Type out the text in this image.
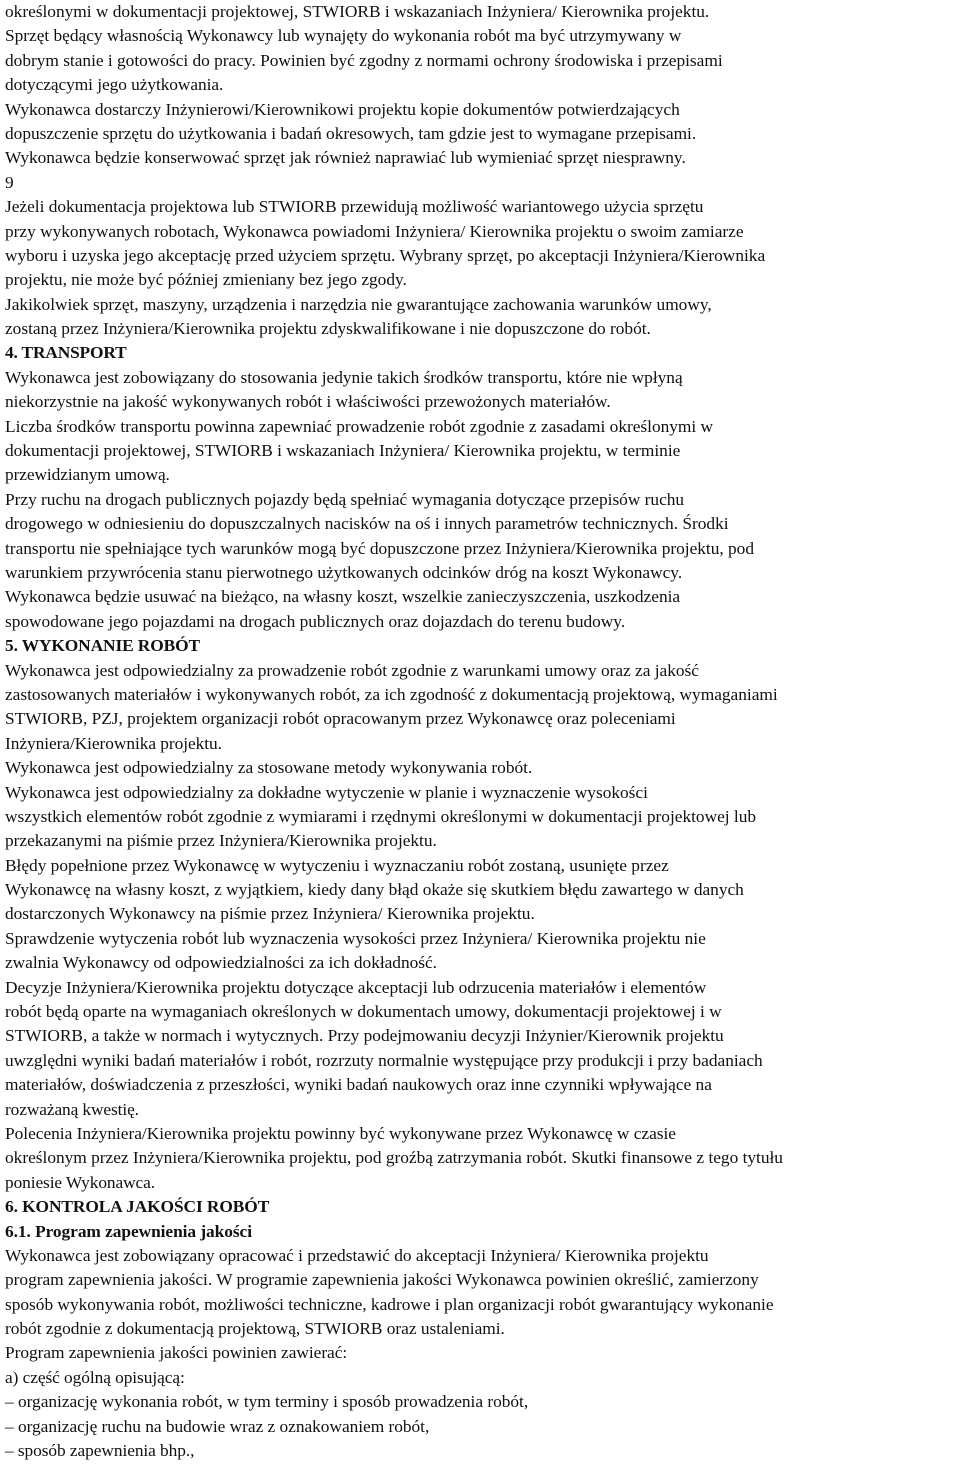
określonymi w dokumentacji projektowej, STWIORB i wskazaniach Inżyniera/ Kierownika projektu.
Sprzęt będący własnością Wykonawcy lub wynajęty do wykonania robót ma być utrzymywany w
dobrym stanie i gotowości do pracy. Powinien być zgodny z normami ochrony środowiska i przepisami
dotyczącymi jego użytkowania.
Wykonawca dostarczy Inżynierowi/Kierownikowi projektu kopie dokumentów potwierdzających
dopuszczenie sprzętu do użytkowania i badań okresowych, tam gdzie jest to wymagane przepisami.
Wykonawca będzie konserwować sprzęt jak również naprawiać lub wymieniać sprzęt niesprawny.
9
Jeżeli dokumentacja projektowa lub STWIORB przewidują możliwość wariantowego użycia sprzętu
przy wykonywanych robotach, Wykonawca powiadomi Inżyniera/ Kierownika projektu o swoim zamiarze
wyboru i uzyska jego akceptację przed użyciem sprzętu. Wybrany sprzęt, po akceptacji Inżyniera/Kierownika
projektu, nie może być później zmieniany bez jego zgody.
Jakikolwiek sprzęt, maszyny, urządzenia i narzędzia nie gwarantujące zachowania warunków umowy,
zostaną przez Inżyniera/Kierownika projektu zdyskwalifikowane i nie dopuszczone do robót.
4. TRANSPORT
Wykonawca jest zobowiązany do stosowania jedynie takich środków transportu, które nie wpłyną
niekorzystnie na jakość wykonywanych robót i właściwości przewożonych materiałów.
Liczba środków transportu powinna zapewniać prowadzenie robót zgodnie z zasadami określonymi w
dokumentacji projektowej, STWIORB i wskazaniach Inżyniera/ Kierownika projektu, w terminie
przewidzianym umową.
Przy ruchu na drogach publicznych pojazdy będą spełniać wymagania dotyczące przepisów ruchu
drogowego w odniesieniu do dopuszczalnych nacisków na oś i innych parametrów technicznych. Środki
transportu nie spełniające tych warunków mogą być dopuszczone przez Inżyniera/Kierownika projektu, pod
warunkiem przywrócenia stanu pierwotnego użytkowanych odcinków dróg na koszt Wykonawcy.
Wykonawca będzie usuwać na bieżąco, na własny koszt, wszelkie zanieczyszczenia, uszkodzenia
spowodowane jego pojazdami na drogach publicznych oraz dojazdach do terenu budowy.
5. WYKONANIE ROBÓT
Wykonawca jest odpowiedzialny za prowadzenie robót zgodnie z warunkami umowy oraz za jakość
zastosowanych materiałów i wykonywanych robót, za ich zgodność z dokumentacją projektową, wymaganiami
STWIORB, PZJ, projektem organizacji robót opracowanym przez Wykonawcę oraz poleceniami
Inżyniera/Kierownika projektu.
Wykonawca jest odpowiedzialny za stosowane metody wykonywania robót.
Wykonawca jest odpowiedzialny za dokładne wytyczenie w planie i wyznaczenie wysokości
wszystkich elementów robót zgodnie z wymiarami i rzędnymi określonymi w dokumentacji projektowej lub
przekazanymi na piśmie przez Inżyniera/Kierownika projektu.
Błędy popełnione przez Wykonawcę w wytyczeniu i wyznaczaniu robót zostaną, usunięte przez
Wykonawcę na własny koszt, z wyjątkiem, kiedy dany błąd okaże się skutkiem błędu zawartego w danych
dostarczonych Wykonawcy na piśmie przez Inżyniera/ Kierownika projektu.
Sprawdzenie wytyczenia robót lub wyznaczenia wysokości przez Inżyniera/ Kierownika projektu nie
zwalnia Wykonawcy od odpowiedzialności za ich dokładność.
Decyzje Inżyniera/Kierownika projektu dotyczące akceptacji lub odrzucenia materiałów i elementów
robót będą oparte na wymaganiach określonych w dokumentach umowy, dokumentacji projektowej i w
STWIORB, a także w normach i wytycznych. Przy podejmowaniu decyzji Inżynier/Kierownik projektu
uwzględni wyniki badań materiałów i robót, rozrzuty normalnie występujące przy produkcji i przy badaniach
materiałów, doświadczenia z przeszłości, wyniki badań naukowych oraz inne czynniki wpływające na
rozważaną kwestię.
Polecenia Inżyniera/Kierownika projektu powinny być wykonywane przez Wykonawcę w czasie
określonym przez Inżyniera/Kierownika projektu, pod groźbą zatrzymania robót. Skutki finansowe z tego tytułu
poniesie Wykonawca.
6. KONTROLA JAKOŚCI ROBÓT
6.1. Program zapewnienia jakości
Wykonawca jest zobowiązany opracować i przedstawić do akceptacji Inżyniera/ Kierownika projektu
program zapewnienia jakości. W programie zapewnienia jakości Wykonawca powinien określić, zamierzony
sposób wykonywania robót, możliwości techniczne, kadrowe i plan organizacji robót gwarantujący wykonanie
robót zgodnie z dokumentacją projektową, STWIORB oraz ustaleniami.
Program zapewnienia jakości powinien zawierać:
a) część ogólną opisującą:
– organizację wykonania robót, w tym terminy i sposób prowadzenia robót,
– organizację ruchu na budowie wraz z oznakowaniem robót,
– sposób zapewnienia bhp.,
